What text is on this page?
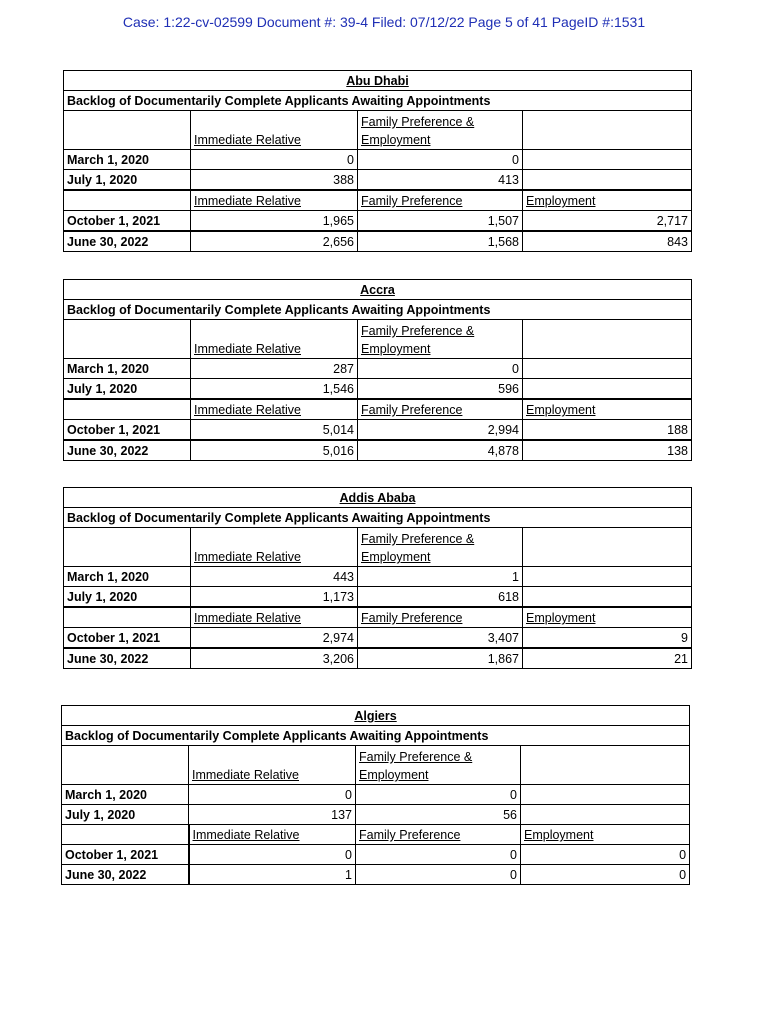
Case: 1:22-cv-02599 Document #: 39-4 Filed: 07/12/22 Page 5 of 41 PageID #:1531
Abu Dhabi			
Backlog of Documentarily Complete Applicants Awaiting Appointments			
	Immediate Relative	Family Preference & Employment	
March 1, 2020	0	0	
July 1, 2020	388	413	
	Immediate Relative	Family Preference	Employment
October 1, 2021	1,965	1,507	2,717
June 30, 2022	2,656	1,568	843
Accra			
Backlog of Documentarily Complete Applicants Awaiting Appointments			
	Immediate Relative	Family Preference & Employment	
March 1, 2020	287	0	
July 1, 2020	1,546	596	
	Immediate Relative	Family Preference	Employment
October 1, 2021	5,014	2,994	188
June 30, 2022	5,016	4,878	138
Addis Ababa			
Backlog of Documentarily Complete Applicants Awaiting Appointments			
	Immediate Relative	Family Preference & Employment	
March 1, 2020	443	1	
July 1, 2020	1,173	618	
	Immediate Relative	Family Preference	Employment
October 1, 2021	2,974	3,407	9
June 30, 2022	3,206	1,867	21
Algiers			
Backlog of Documentarily Complete Applicants Awaiting Appointments			
	Immediate Relative	Family Preference & Employment	
March 1, 2020	0	0	
July 1, 2020	137	56	
	Immediate Relative	Family Preference	Employment
October 1, 2021	0	0	0
June 30, 2022	1	0	0
